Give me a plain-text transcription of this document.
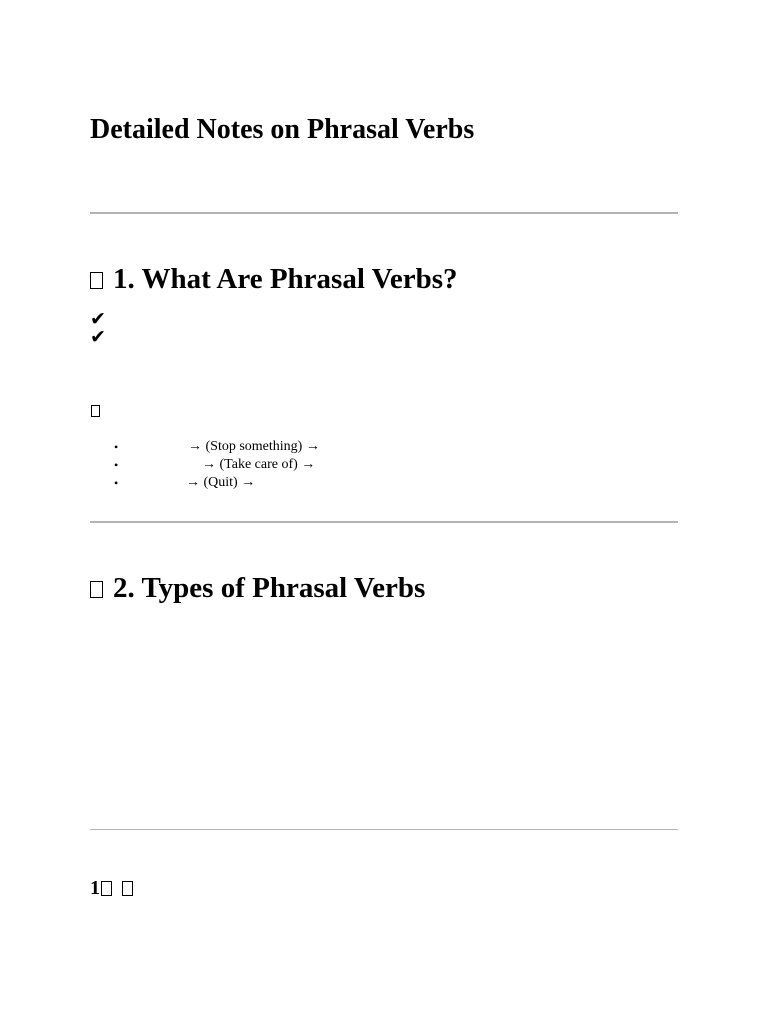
Detailed Notes on Phrasal Verbs
1. What Are Phrasal Verbs?
✔
✔
•	→ (Stop something) →
•	→ (Take care of) →
•	→ (Quit) →
2. Types of Phrasal Verbs
1
